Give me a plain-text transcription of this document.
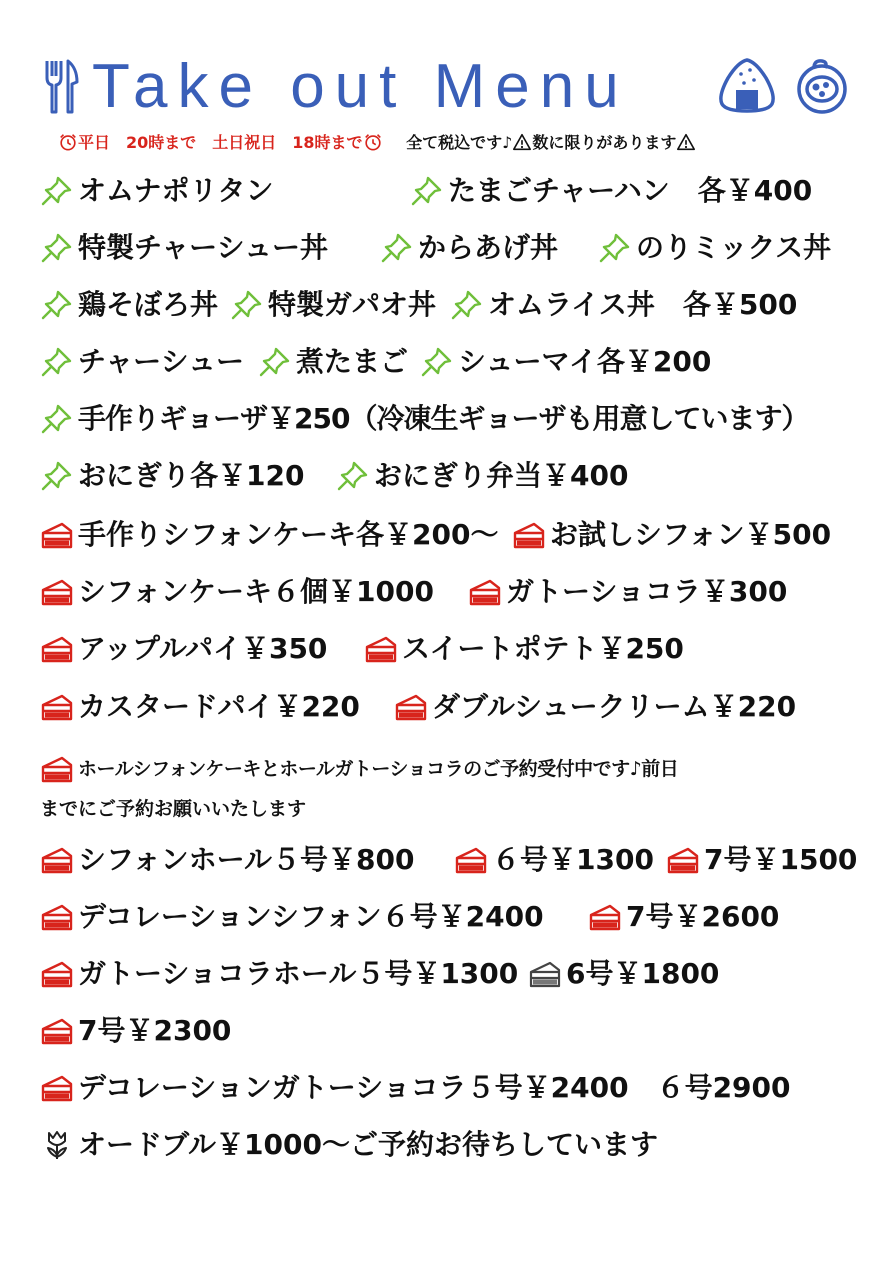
Take out Menu
平日　20時まで　土日祝日　18時まで	全て税込です♪ 数に限りがあります
オムナポリタン	たまごチャーハン　各￥400
特製チャーシュー丼	からあげ丼	のりミックス丼
鶏そぼろ丼 特製ガパオ丼 オムライス丼　各￥500
チャーシュー 煮たまご シューマイ各￥200
手作りギョーザ￥250（冷凍生ギョーザも用意しています）
おにぎり各￥120 おにぎり弁当￥400
手作りシフォンケーキ各￥200～ お試しシフォン￥500
シフォンケーキ６個￥1000	ガトーショコラ￥300
アップルパイ￥350	スイートポテト￥250
カスタードパイ￥220	ダブルシュークリーム￥220
ホールシフォンケーキとホールガトーショコラのご予約受付中です♪前日
までにご予約お願いいたします
シフォンホール５号￥800	６号￥1300 7号￥1500
デコレーションシフォン６号￥2400	7号￥2600
ガトーショコラホール５号￥1300 6号￥1800
7号￥2300
デコレーションガトーショコラ５号￥2400　６号2900
オードブル￥1000～ご予約お待ちしています
